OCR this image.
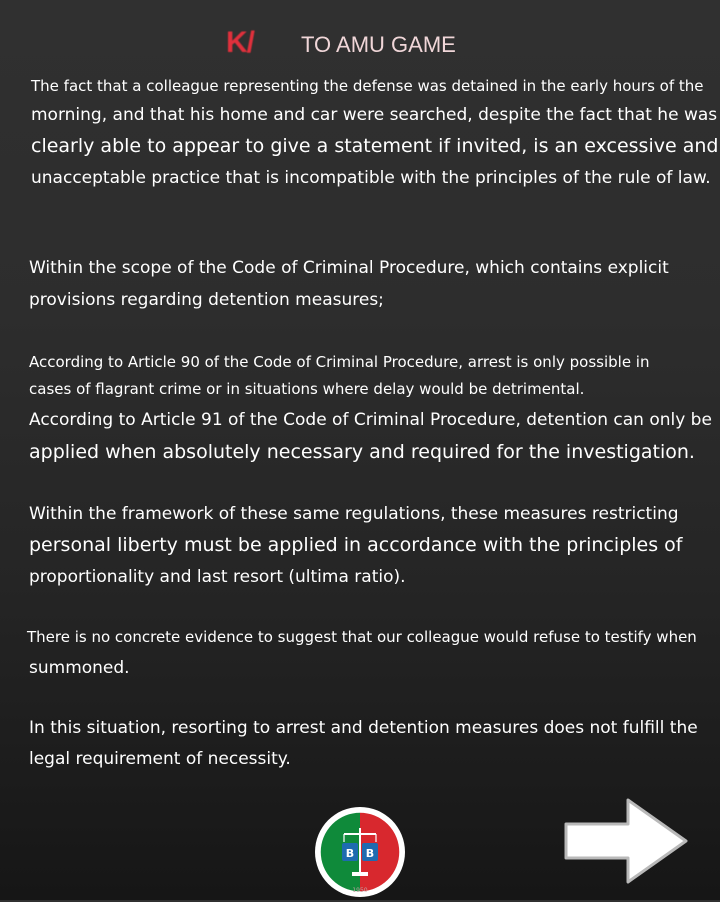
K/ TO AMU GAME
The fact that a colleague representing the defense was detained in the early hours of the
morning, and that his home and car were searched, despite the fact that he was
clearly able to appear to give a statement if invited, is an excessive and
unacceptable practice that is incompatible with the principles of the rule of law.
Within the scope of the Code of Criminal Procedure, which contains explicit
provisions regarding detention measures;
According to Article 90 of the Code of Criminal Procedure, arrest is only possible in
cases of flagrant crime or in situations where delay would be detrimental.
According to Article 91 of the Code of Criminal Procedure, detention can only be
applied when absolutely necessary and required for the investigation.
Within the framework of these same regulations, these measures restricting
personal liberty must be applied in accordance with the principles of
proportionality and last resort (ultima ratio).
There is no concrete evidence to suggest that our colleague would refuse to testify when
summoned.
In this situation, resorting to arrest and detention measures does not fulfill the
legal requirement of necessity.
B B
1950
